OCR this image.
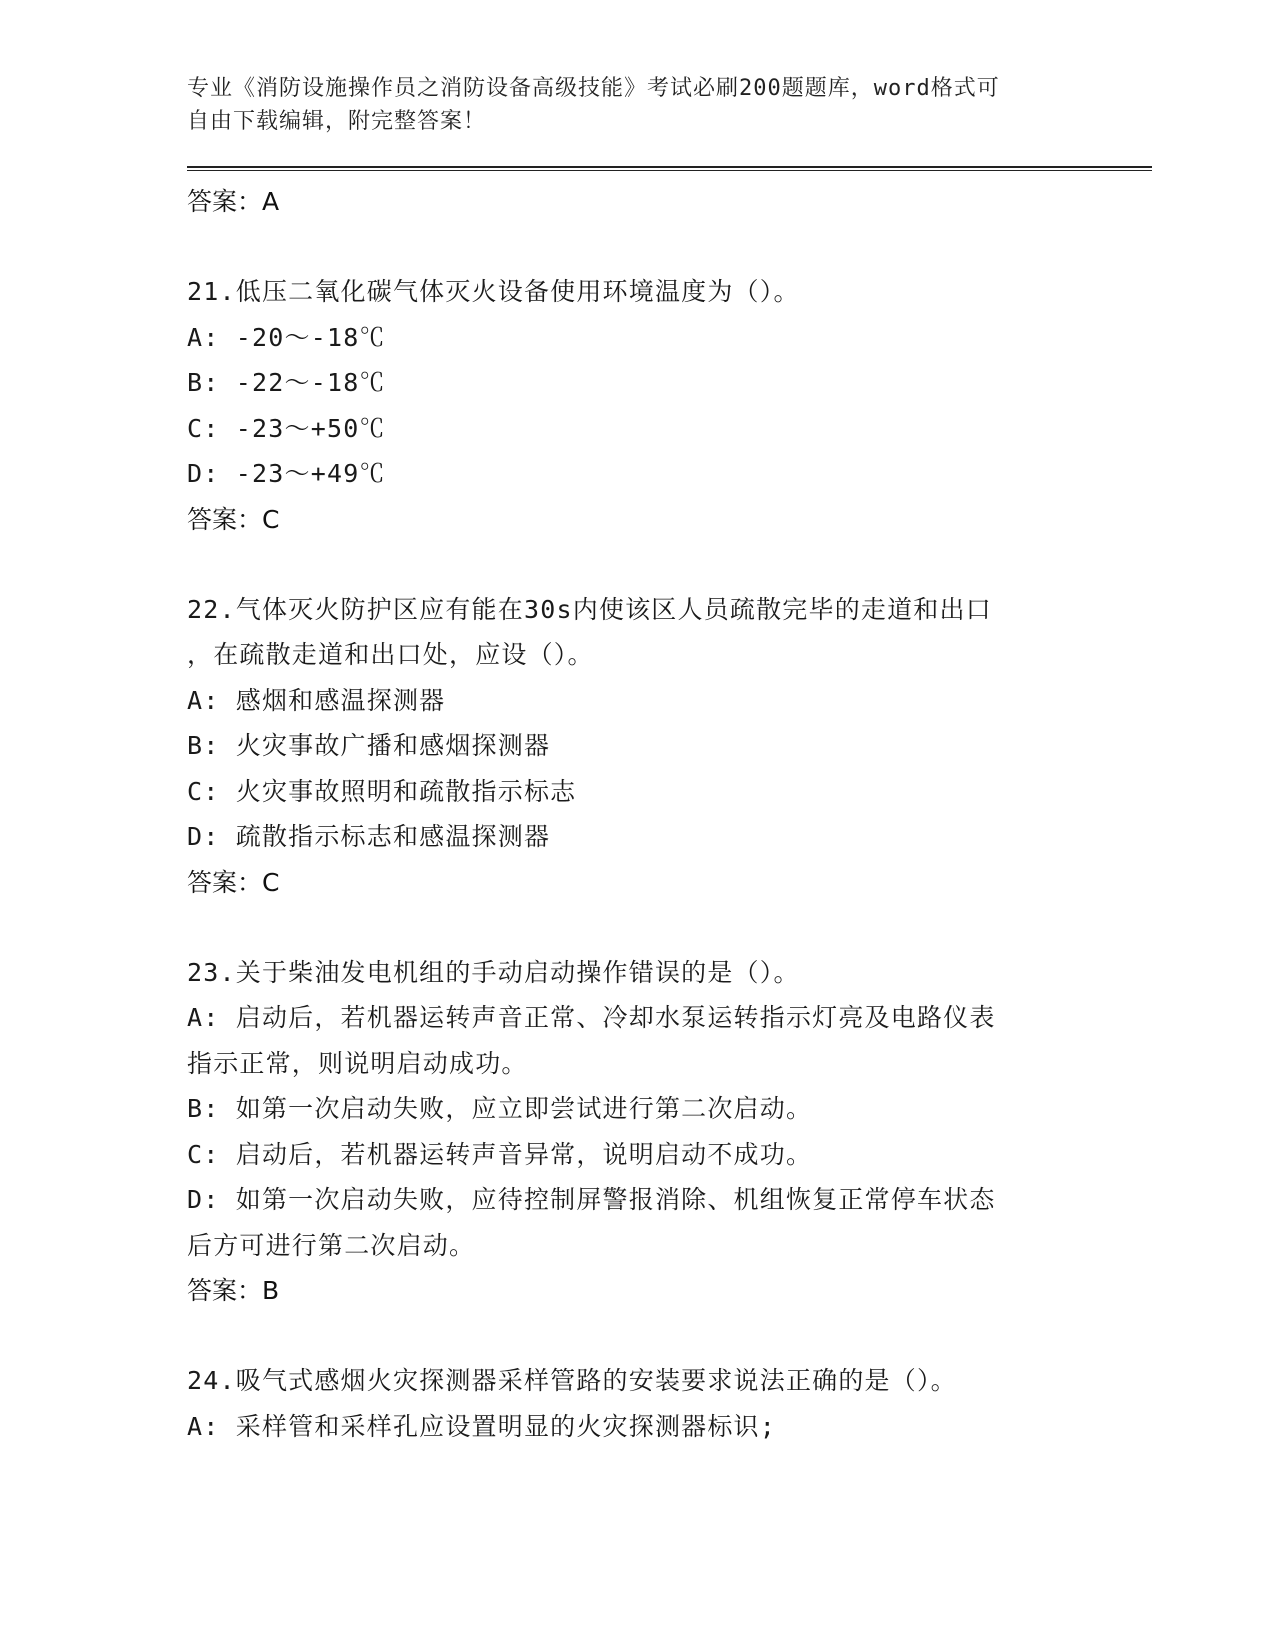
专业《消防设施操作员之消防设备高级技能》考试必刷200题题库，word格式可
自由下载编辑，附完整答案！

答案：A

21.低压二氧化碳气体灭火设备使用环境温度为（）。

A: -20～-18℃

B: -22～-18℃

C: -23～+50℃

D: -23～+49℃

答案：C

22.气体灭火防护区应有能在30s内使该区人员疏散完毕的走道和出口

，在疏散走道和出口处，应设（）。

A: 感烟和感温探测器

B: 火灾事故广播和感烟探测器

C: 火灾事故照明和疏散指示标志

D: 疏散指示标志和感温探测器

答案：C

23.关于柴油发电机组的手动启动操作错误的是（）。

A: 启动后，若机器运转声音正常、冷却水泵运转指示灯亮及电路仪表

指示正常，则说明启动成功。

B: 如第一次启动失败，应立即尝试进行第二次启动。

C: 启动后，若机器运转声音异常，说明启动不成功。

D: 如第一次启动失败，应待控制屏警报消除、机组恢复正常停车状态

后方可进行第二次启动。

答案：B

24.吸气式感烟火灾探测器采样管路的安装要求说法正确的是（）。

A: 采样管和采样孔应设置明显的火灾探测器标识;
